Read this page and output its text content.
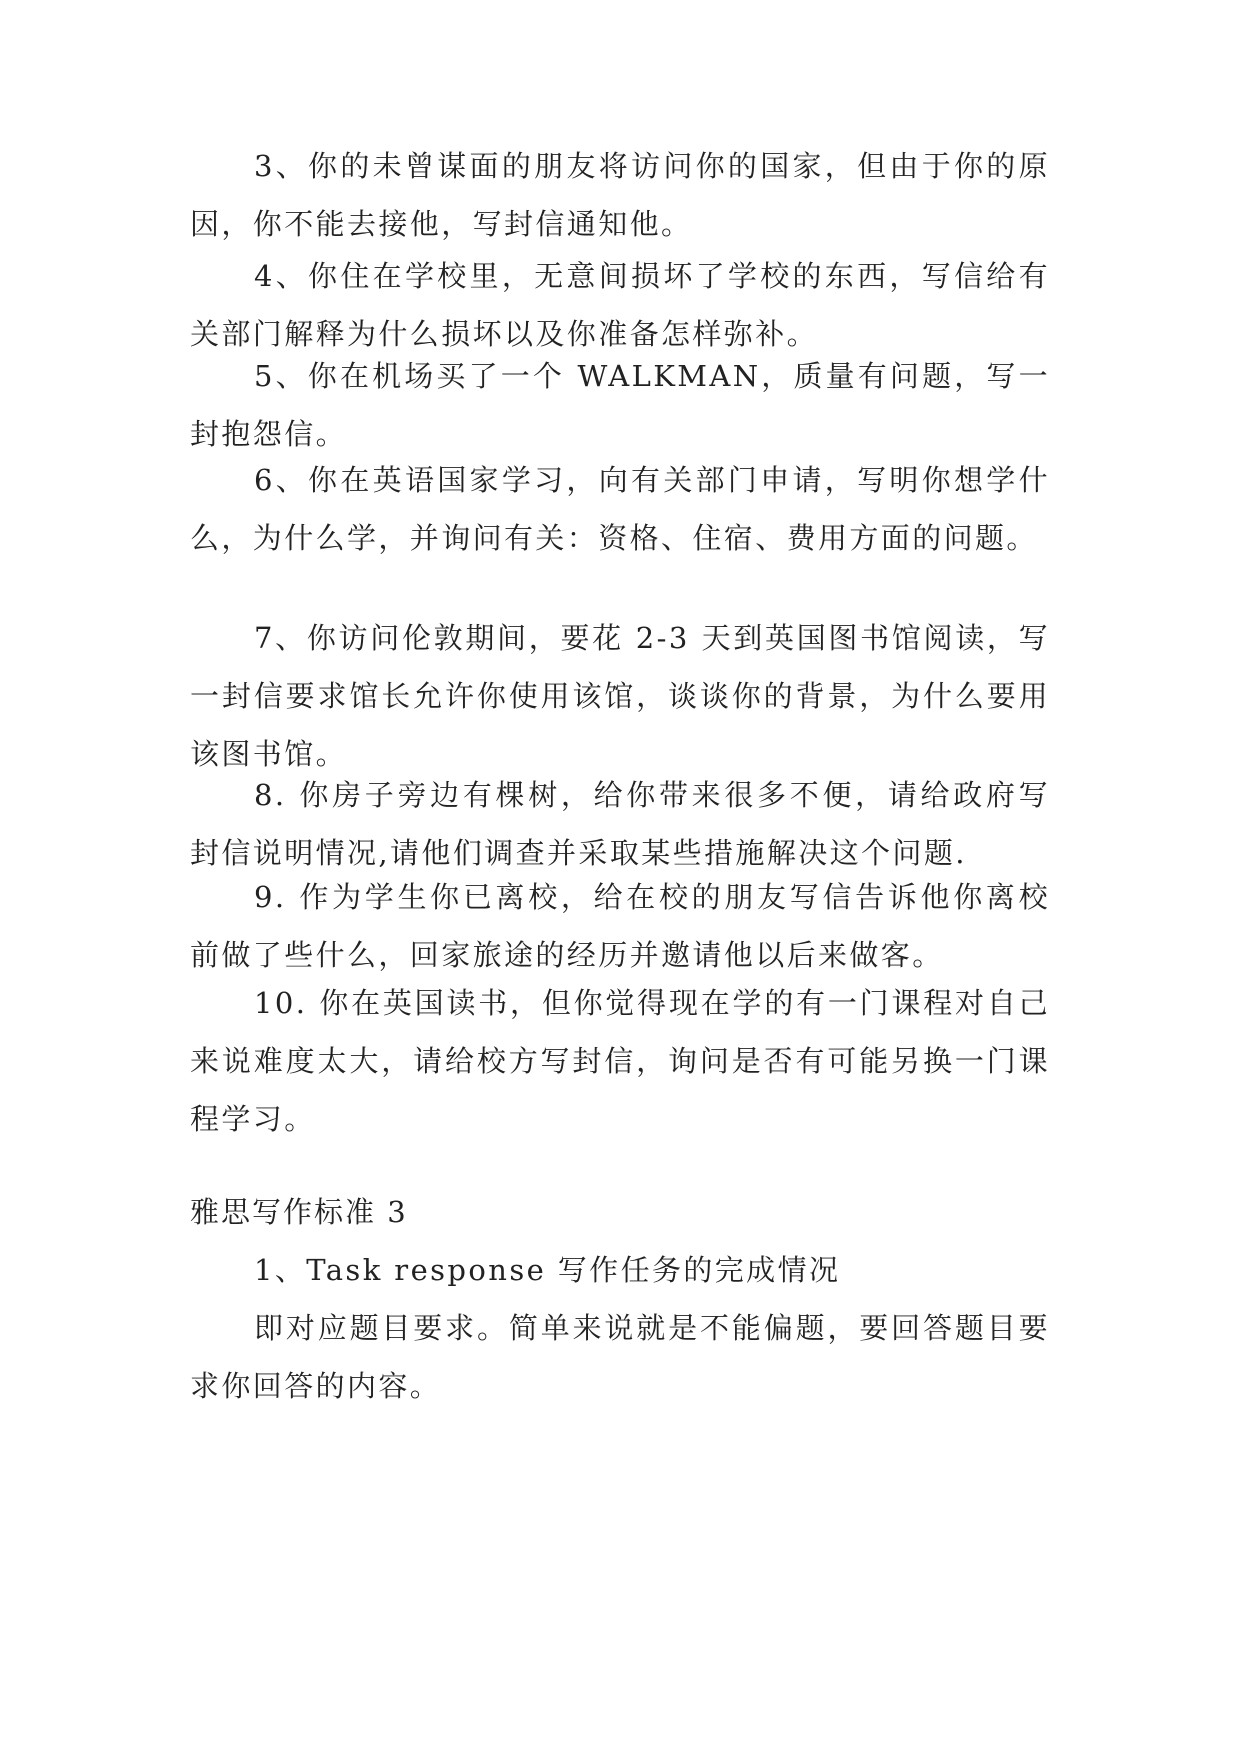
3、你的未曾谋面的朋友将访问你的国家，但由于你的原因，你不能去接他，写封信通知他。

4、你住在学校里，无意间损坏了学校的东西，写信给有关部门解释为什么损坏以及你准备怎样弥补。

5、你在机场买了一个 WALKMAN，质量有问题，写一封抱怨信。

6、你在英语国家学习，向有关部门申请，写明你想学什么，为什么学，并询问有关：资格、住宿、费用方面的问题。

7、你访问伦敦期间，要花 2-3 天到英国图书馆阅读，写一封信要求馆长允许你使用该馆，谈谈你的背景，为什么要用该图书馆。

8. 你房子旁边有棵树，给你带来很多不便，请给政府写封信说明情况,请他们调查并采取某些措施解决这个问题.

9. 作为学生你已离校，给在校的朋友写信告诉他你离校前做了些什么，回家旅途的经历并邀请他以后来做客。

10. 你在英国读书，但你觉得现在学的有一门课程对自己来说难度太大，请给校方写封信，询问是否有可能另换一门课程学习。

雅思写作标准 3

1、Task response 写作任务的完成情况

即对应题目要求。简单来说就是不能偏题，要回答题目要求你回答的内容。
